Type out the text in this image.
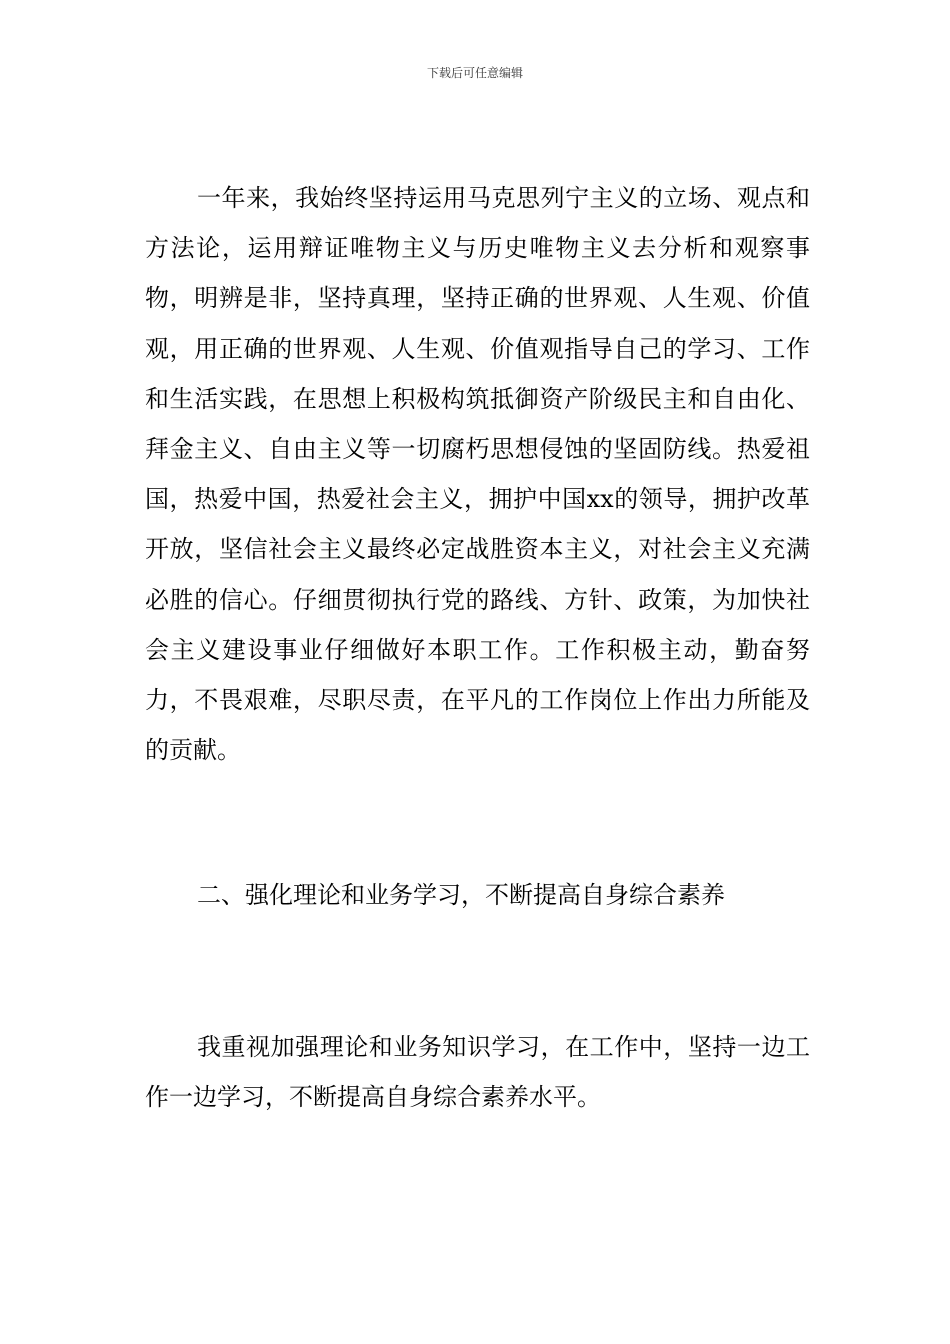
下载后可任意编辑

一年来，我始终坚持运用马克思列宁主义的立场、观点和方法论，运用辩证唯物主义与历史唯物主义去分析和观察事物，明辨是非，坚持真理，坚持正确的世界观、人生观、价值观，用正确的世界观、人生观、价值观指导自己的学习、工作和生活实践，在思想上积极构筑抵御资产阶级民主和自由化、拜金主义、自由主义等一切腐朽思想侵蚀的坚固防线。热爱祖国，热爱中国，热爱社会主义，拥护中国xx的领导，拥护改革开放，坚信社会主义最终必定战胜资本主义，对社会主义充满必胜的信心。仔细贯彻执行党的路线、方针、政策，为加快社会主义建设事业仔细做好本职工作。工作积极主动，勤奋努力，不畏艰难，尽职尽责，在平凡的工作岗位上作出力所能及的贡献。

二、强化理论和业务学习，不断提高自身综合素养

我重视加强理论和业务知识学习，在工作中，坚持一边工作一边学习，不断提高自身综合素养水平。
